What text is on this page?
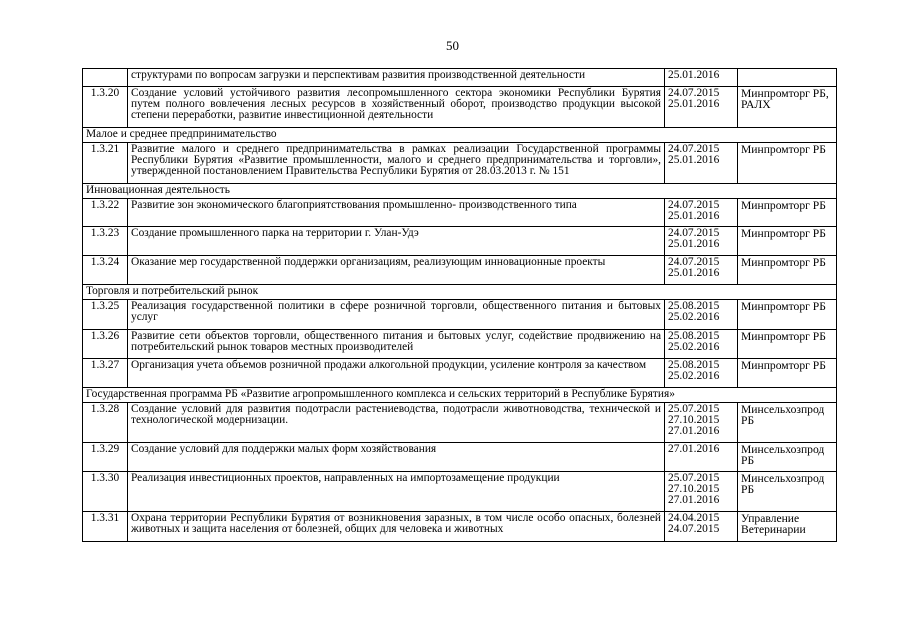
50
	структурами по вопросам загрузки и перспективам развития производственной деятельности	25.01.2016	
1.3.20	Создание условий устойчивого развития лесопромышленного сектора экономики Республики Бурятия путем полного вовлечения лесных ресурсов в хозяйственный оборот, производство продукции высокой степени переработки, развитие инвестиционной деятельности	24.07.2015
25.01.2016	Минпромторг РБ,
РАЛХ
Малое и среднее предпринимательство			
1.3.21	Развитие малого и среднего предпринимательства в рамках реализации Государственной программы Республики Бурятия «Развитие промышленности, малого и среднего предпринимательства и торговли», утвержденной постановлением Правительства Республики Бурятия от 28.03.2013 г. № 151	24.07.2015
25.01.2016	Минпромторг РБ
Инновационная деятельность			
1.3.22	Развитие зон экономического благоприятствования промышленно- производственного типа	24.07.2015
25.01.2016	Минпромторг РБ
1.3.23	Создание промышленного парка на территории г. Улан-Удэ	24.07.2015
25.01.2016	Минпромторг РБ
1.3.24	Оказание мер государственной поддержки организациям, реализующим инновационные проекты	24.07.2015
25.01.2016	Минпромторг РБ
Торговля и потребительский рынок			
1.3.25	Реализация государственной политики в сфере розничной торговли, общественного питания и бытовых услуг	25.08.2015
25.02.2016	Минпромторг РБ
1.3.26	Развитие сети объектов торговли, общественного питания и бытовых услуг, содействие продвижению на потребительский рынок товаров местных производителей	25.08.2015
25.02.2016	Минпромторг РБ
1.3.27	Организация учета объемов розничной продажи алкогольной продукции, усиление контроля за качеством	25.08.2015
25.02.2016	Минпромторг РБ
Государственная программа РБ «Развитие агропромышленного комплекса и сельских территорий в Республике Бурятия»			
1.3.28	Создание условий для развития подотрасли растениеводства, подотрасли животноводства, технической и технологической модернизации.	25.07.2015
27.10.2015
27.01.2016	Минсельхозпрод
РБ
1.3.29	Создание условий для поддержки малых форм хозяйствования	27.01.2016	Минсельхозпрод
РБ
1.3.30	Реализация инвестиционных проектов, направленных на импортозамещение продукции	25.07.2015
27.10.2015
27.01.2016	Минсельхозпрод
РБ
1.3.31	Охрана территории Республики Бурятия от возникновения заразных, в том числе особо опасных, болезней животных и защита населения от болезней, общих для человека и животных	24.04.2015
24.07.2015	Управление
Ветеринарии
